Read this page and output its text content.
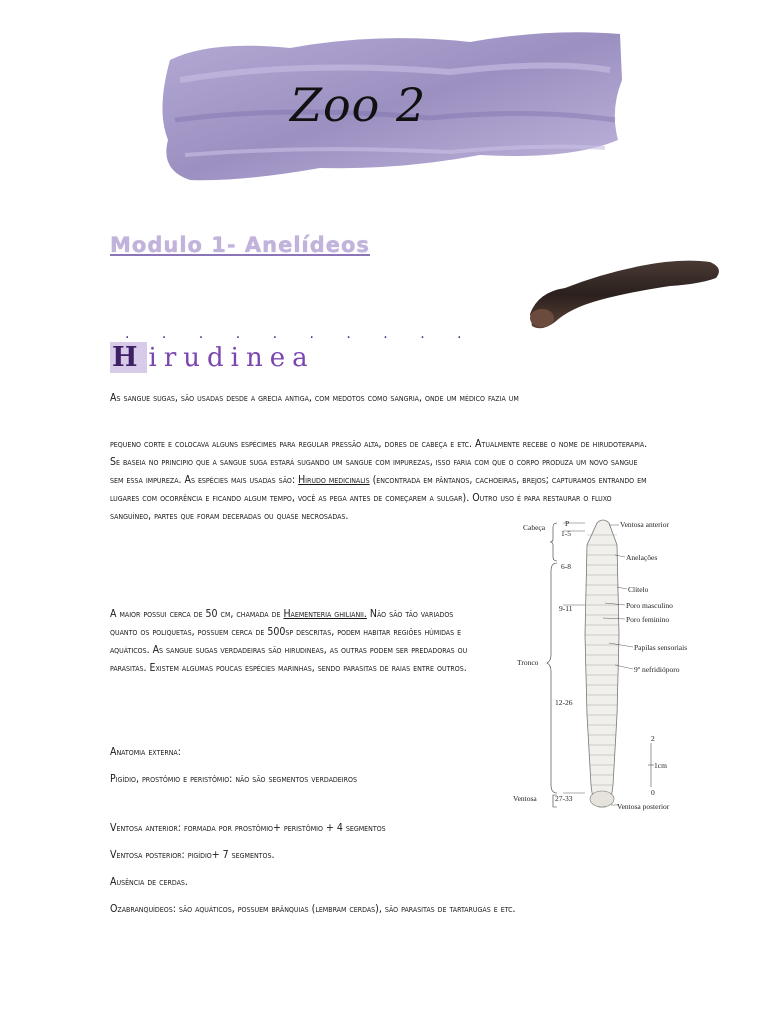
Zoo 2
Modulo 1- Anelídeos
. . . . . . . . . .
H irudinea

As sangue sugas, são usadas desde a grecia antiga, com medotos como sangria, onde um médico fazia um

pequeno corte e colocava alguns espécimes para regular pressão alta, dores de cabeça e etc. Atualmente recebe o nome de hirudoterapia. Se baseia no principio que a sangue suga estará sugando um sangue com impurezas, isso faria com que o corpo produza um novo sangue sem essa impureza. As espécies mais usadas são: Hirudo medicinalis (encontrada em pântanos, cachoeiras, brejos; capturamos entrando em lugares com ocorrência e ficando algum tempo, você as pega antes de começarem a sulgar). Outro uso é para restaurar o fluxo sanguíneo, partes que foram deceradas ou quase necrosadas.

A maior possui cerca de 50 cm, chamada de Haementeria ghilianii. Não são tão variados quanto os poliquetas, possuem cerca de 500sp descritas, podem habitar regiões húmidas e aquáticos. As sangue sugas verdadeiras são hirudineas, as outras podem ser predadoras ou parasitas. Existem algumas poucas espécies marinhas, sendo parasitas de raias entre outros.

Anatomia externa:

Pigídio, prostômio e peristômio: não são segmentos verdadeiros

Ventosa anterior: formada por prostômio+ peristômio + 4 segmentos

Ventosa posterior: pigídio+ 7 segmentos.

Ausência de cerdas.

Ozabranquídeos: são aquáticos, possuem brânquias (lembram cerdas), são parasitas de tartarugas e etc.

Cabeça
Tronco
Ventosa
P
1-5
6-8
9-11
12-26
27-33
Ventosa anterior
Anelações
Clitelo
Poro masculino
Poro feminino
Papilas sensoriais
9º nefridióporo
Ventosa posterior
2
1cm
0
